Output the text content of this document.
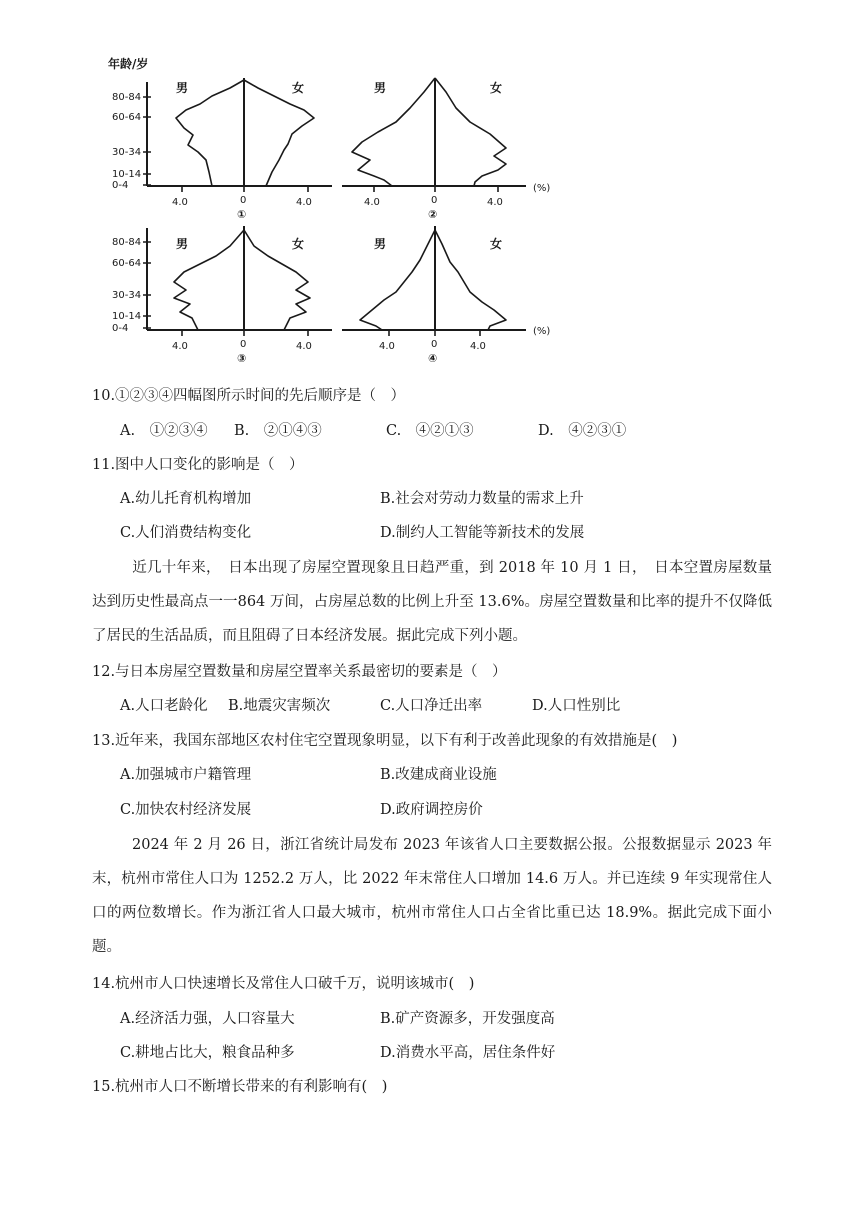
年龄/岁
80-84
60-64
30-34
10-14
0-4
男	女
4.0	0	4.0
①
男	女
(%)
4.0	0	4.0
②
80-84
60-64
30-34
10-14
0-4
男	女
4.0	0	4.0
③
男	女
(%)
4.0	0	4.0
④
10.①②③④四幅图所示时间的先后顺序是（　）
A.　①②③④ B.　②①④③	C.　④②①③	D.　④②③①
11.图中人口变化的影响是（　）
A.幼儿托育机构增加	B.社会对劳动力数量的需求上升
C.人们消费结构变化	D.制约人工智能等新技术的发展
近几十年来，　日本出现了房屋空置现象且日趋严重，到 2018 年 10 月 1 日，　日本空置房屋数量达到历史性最高点一一864 万间，占房屋总数的比例上升至 13.6%。房屋空置数量和比率的提升不仅降低了居民的生活品质，而且阻碍了日本经济发展。据此完成下列小题。
12.与日本房屋空置数量和房屋空置率关系最密切的要素是（　）
A.人口老龄化 B.地震灾害频次	C.人口净迁出率	D.人口性别比
13.近年来，我国东部地区农村住宅空置现象明显，以下有利于改善此现象的有效措施是(　)
A.加强城市户籍管理	B.改建成商业设施
C.加快农村经济发展	D.政府调控房价
2024 年 2 月 26 日，浙江省统计局发布 2023 年该省人口主要数据公报。公报数据显示 2023 年末，杭州市常住人口为 1252.2 万人，比 2022 年末常住人口增加 14.6 万人。并已连续 9 年实现常住人口的两位数增长。作为浙江省人口最大城市，杭州市常住人口占全省比重已达 18.9%。据此完成下面小题。
14.杭州市人口快速增长及常住人口破千万，说明该城市(　)
A.经济活力强，人口容量大	B.矿产资源多，开发强度高
C.耕地占比大，粮食品种多	D.消费水平高，居住条件好
15.杭州市人口不断增长带来的有利影响有(　)
